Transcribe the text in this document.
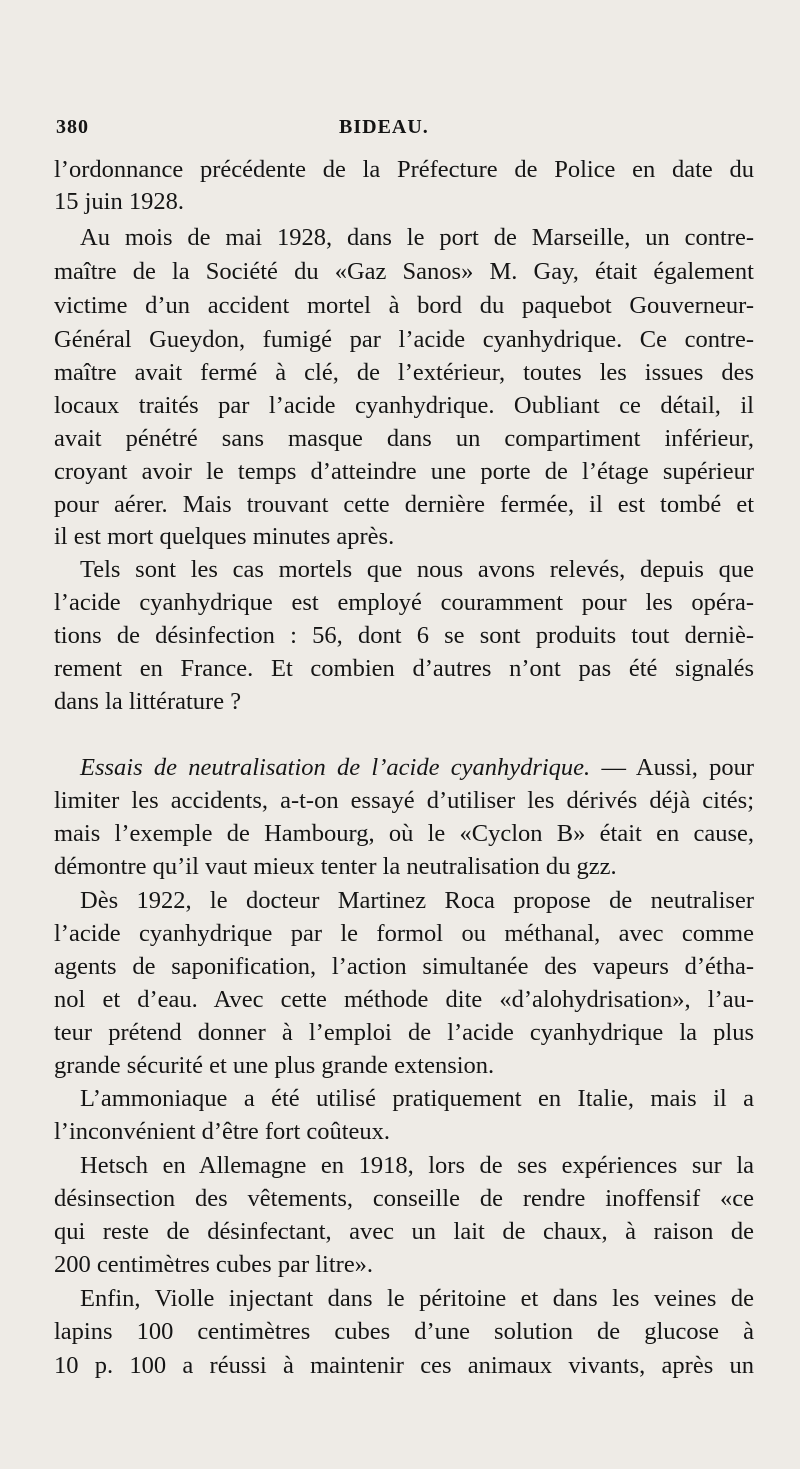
380	BIDEAU.
l’ordonnance précédente de la Préfecture de Police en date du
15 juin 1928.
Au mois de mai 1928, dans le port de Marseille, un contre-
maître de la Société du «Gaz Sanos» M. Gay, était également
victime d’un accident mortel à bord du paquebot Gouverneur-
Général Gueydon, fumigé par l’acide cyanhydrique. Ce contre-
maître avait fermé à clé, de l’extérieur, toutes les issues des
locaux traités par l’acide cyanhydrique. Oubliant ce détail, il
avait pénétré sans masque dans un compartiment inférieur,
croyant avoir le temps d’atteindre une porte de l’étage supérieur
pour aérer. Mais trouvant cette dernière fermée, il est tombé et
il est mort quelques minutes après.
Tels sont les cas mortels que nous avons relevés, depuis que
l’acide cyanhydrique est employé couramment pour les opéra-
tions de désinfection : 56, dont 6 se sont produits tout derniè-
rement en France. Et combien d’autres n’ont pas été signalés
dans la littérature ?
Essais de neutralisation de l’acide cyanhydrique. — Aussi, pour
limiter les accidents, a-t-on essayé d’utiliser les dérivés déjà cités;
mais l’exemple de Hambourg, où le «Cyclon B» était en cause,
démontre qu’il vaut mieux tenter la neutralisation du gzz.
Dès 1922, le docteur Martinez Roca propose de neutraliser
l’acide cyanhydrique par le formol ou méthanal, avec comme
agents de saponification, l’action simultanée des vapeurs d’étha-
nol et d’eau. Avec cette méthode dite «d’alohydrisation», l’au-
teur prétend donner à l’emploi de l’acide cyanhydrique la plus
grande sécurité et une plus grande extension.
L’ammoniaque a été utilisé pratiquement en Italie, mais il a
l’inconvénient d’être fort coûteux.
Hetsch en Allemagne en 1918, lors de ses expériences sur la
désinsection des vêtements, conseille de rendre inoffensif «ce
qui reste de désinfectant, avec un lait de chaux, à raison de
200 centimètres cubes par litre».
Enfin, Violle injectant dans le péritoine et dans les veines de
lapins 100 centimètres cubes d’une solution de glucose à
10 p. 100 a réussi à maintenir ces animaux vivants, après un
